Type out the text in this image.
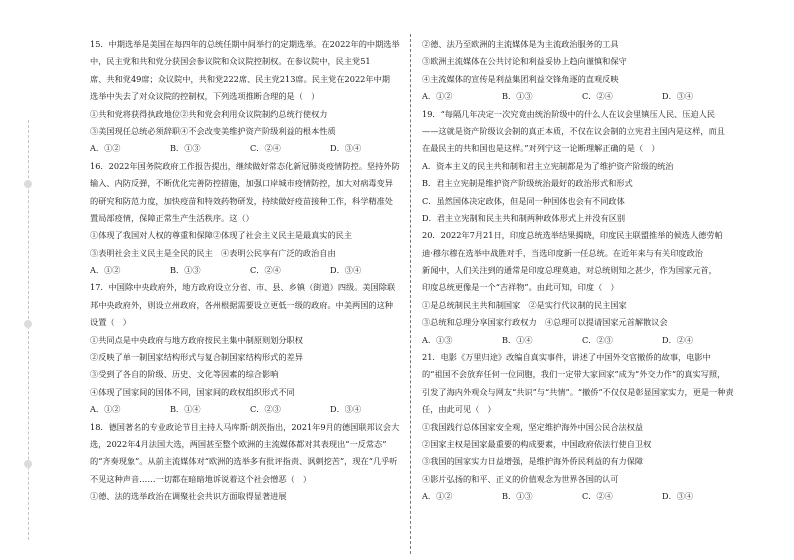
15．中期选举是美国在每四年的总统任期中间举行的定期选举。在2022年的中期选举
中，民主党和共和党分获国会参议院和众议院控制权。在参议院中，民主党51
席、共和党49席；众议院中，共和党222席、民主党213席。民主党在2022年中期
选举中失去了对众议院的控制权，下列选项推断合理的是（　）
①共和党将获得执政地位②共和党会利用众议院制约总统行使权力
③美国现任总统必须辞职④不会改变美维护资产阶级利益的根本性质
A．①②	B．①③	C．②④	D．③④
16．2022年国务院政府工作报告提出，继续做好常态化新冠肺炎疫情防控。坚持外防
输入、内防反弹，不断优化完善防控措施，加强口岸城市疫情防控，加大对病毒变异
的研究和防范力度，加快疫苗和特效药物研发，持续做好疫苗接种工作，科学精准处
置局部疫情，保障正常生产生活秩序。这（）
①体现了我国对人权的尊重和保障②体现了社会主义民主是最真实的民主
③表明社会主义民主是全民的民主　④表明公民享有广泛的政治自由
A．①②	B．①③	C．②④	D．③④
17．中国除中央政府外，地方政府设立分省、市、县、乡镇（街道）四级。美国除联
邦中央政府外，则设立州政府，各州根据需要设立更低一级的政府。中美两国的这种
设置（　）
①共同点是中央政府与地方政府按民主集中制原则划分职权
②反映了单一制国家结构形式与复合制国家结构形式的差异
③受到了各自的阶级、历史、文化等因素的综合影响
④体现了国家间的国体不同，国家间的政权组织形式不同
A．①②	B．①④	C．②③	D．③④
18．德国著名的专业政论节目主持人马库斯·朗茨指出，2021年9月的德国联邦议会大
选，2022年4月法国大选，两国甚至整个欧洲的主流媒体都对其表现出“一反常态”
的“齐奏现象”。从前主流媒体对“欧洲的选举多有批评指责、讽刺挖苦”，现在“几乎听
不见这种声音……一切都在暗暗地诉说着这个社会憎恶（　）
①德、法的选举政治在调聚社会共识方面取得显著进展
②德、法乃至欧洲的主流媒体是为主流政治服务的工具
③欧洲主流媒体在公共讨论和利益妥协上趋向谨慎和保守
④主流媒体的宣传是利益集团利益交锋角逐的直观反映
A．①②	B．①③	C．②④	D．③④
19．“每隔几年决定一次究竟由统治阶级中的什么人在议会里镇压人民、压迫人民
——这就是资产阶级议会制的真正本质，不仅在议会制的立宪君主国内是这样，而且
在最民主的共和国也是这样。”对列宁这一论断理解正确的是（　）
A．资本主义的民主共和制和君主立宪制都是为了维护资产阶级的统治
B．君主立宪制是维护资产阶级统治最好的政治形式和形式
C．虽然国体决定政体，但是同一种国体也会有不同政体
D．君主立宪制和民主共和制两种政体形式上并没有区别
20．2022年7月21日，印度总统选举结果揭晓，印度民主联盟推举的候选人德劳帕
迪·穆尔穆在选举中战胜对手，当选印度新一任总统。在近年来与有关印度政治
新闻中，人们关注到的通常是印度总理莫迪，对总统则知之甚少，作为国家元首，
印度总统更像是一个“吉祥物”。由此可知，印度（　）
①是总统制民主共和制国家　②是实行代议制的民主国家
③总统和总理分享国家行政权力　④总理可以提请国家元首解散议会
A．①③	B．①④	C．②③	D．②④
21．电影《万里归途》改编自真实事件，讲述了中国外交官撤侨的故事，电影中
的“祖国不会放弃任何一位同胞，我们一定带大家回家”成为“外交力作”的真实写照，
引发了海内外观众与网友“共识”与“共情”。“撤侨”不仅仅是彰显国家实力，更是一种责
任，由此可见（　）
①我国践行总体国家安全观，坚定维护海外中国公民合法权益
②国家主权是国家最重要的构成要素，中国政府依法行使自卫权
③我国的国家实力日益增强，是维护海外侨民利益的有力保障
④影片弘扬的和平、正义的价值观念为世界各国的认可
A．①②	B．①③	C．②④	D．③④
